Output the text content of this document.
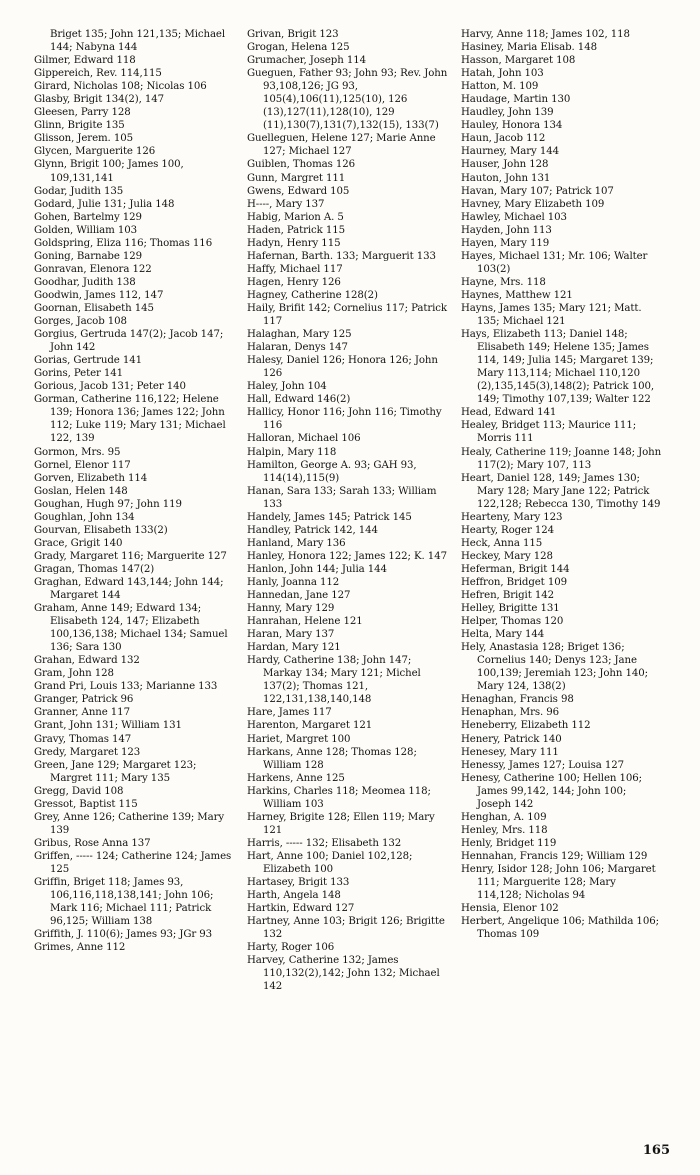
Briget 135; John 121,135; Michael 144; Nabyna 144
Gilmer, Edward 118
Gippereich, Rev. 114,115
Girard, Nicholas 108; Nicolas 106
Glasby, Brigit 134(2), 147
Gleesen, Parry 128
Glinn, Brigite 135
Glisson, Jerem. 105
Glycen, Marguerite 126
Glynn, Brigit 100; James 100, 109,131,141
Godar, Judith 135
Godard, Julie 131; Julia 148
Gohen, Bartelmy 129
Golden, William 103
Goldspring, Eliza 116; Thomas 116
Goning, Barnabe 129
Gonravan, Elenora 122
Goodhar, Judith 138
Goodwin, James 112, 147
Goornan, Elisabeth 145
Gorges, Jacob 108
Gorgius, Gertruda 147(2); Jacob 147; John 142
Gorias, Gertrude 141
Gorins, Peter 141
Gorious, Jacob 131; Peter 140
Gorman, Catherine 116,122; Helene 139; Honora 136; James 122; John 112; Luke 119; Mary 131; Michael 122, 139
Gormon, Mrs. 95
Gornel, Elenor 117
Gorven, Elizabeth 114
Goslan, Helen 148
Goughan, Hugh 97; John 119
Goughlan, John 134
Gourvan, Elisabeth 133(2)
Grace, Grigit 140
Grady, Margaret 116; Marguerite 127
Gragan, Thomas 147(2)
Graghan, Edward 143,144; John 144; Margaret 144
Graham, Anne 149; Edward 134; Elisabeth 124, 147; Elizabeth 100,136,138; Michael 134; Samuel 136; Sara 130
Grahan, Edward 132
Gram, John 128
Grand Pri, Louis 133; Marianne 133
Granger, Patrick 96
Granner, Anne 117
Grant, John 131; William 131
Gravy, Thomas 147
Gredy, Margaret 123
Green, Jane 129; Margaret 123; Margret 111; Mary 135
Gregg, David 108
Gressot, Baptist 115
Grey, Anne 126; Catherine 139; Mary 139
Gribus, Rose Anna 137
Griffen, ----- 124; Catherine 124; James 125
Griffin, Briget 118; James 93, 106,116,118,138,141; John 106; Mark 116; Michael 111; Patrick 96,125; William 138
Griffith, J. 110(6); James 93; JGr 93
Grimes, Anne 112
Grivan, Brigit 123
Grogan, Helena 125
Grumacher, Joseph 114
Gueguen, Father 93; John 93; Rev. John 93,108,126; JG 93, 105(4),106(11),125(10), 126 (13),127(11),128(10), 129 (11),130(7),131(7),132(15), 133(7)
Guelleguen, Helene 127; Marie Anne 127; Michael 127
Guiblen, Thomas 126
Gunn, Margret 111
Gwens, Edward 105
H----, Mary 137
Habig, Marion A. 5
Haden, Patrick 115
Hadyn, Henry 115
Hafernan, Barth. 133; Marguerit 133
Haffy, Michael 117
Hagen, Henry 126
Hagney, Catherine 128(2)
Haily, Brifit 142; Cornelius 117; Patrick 117
Halaghan, Mary 125
Halaran, Denys 147
Halesy, Daniel 126; Honora 126; John 126
Haley, John 104
Hall, Edward 146(2)
Hallicy, Honor 116; John 116; Timothy 116
Halloran, Michael 106
Halpin, Mary 118
Hamilton, George A. 93; GAH 93, 114(14),115(9)
Hanan, Sara 133; Sarah 133; William 133
Handely, James 145; Patrick 145
Handley, Patrick 142, 144
Hanland, Mary 136
Hanley, Honora 122; James 122; K. 147
Hanlon, John 144; Julia 144
Hanly, Joanna 112
Hannedan, Jane 127
Hanny, Mary 129
Hanrahan, Helene 121
Haran, Mary 137
Hardan, Mary 121
Hardy, Catherine 138; John 147; Markay 134; Mary 121; Michel 137(2); Thomas 121, 122,131,138,140,148
Hare, James 117
Harenton, Margaret 121
Hariet, Margret 100
Harkans, Anne 128; Thomas 128; William 128
Harkens, Anne 125
Harkins, Charles 118; Meomea 118; William 103
Harney, Brigite 128; Ellen 119; Mary 121
Harris, ----- 132; Elisabeth 132
Hart, Anne 100; Daniel 102,128; Elizabeth 100
Hartasey, Brigit 133
Harth, Angela 148
Hartkin, Edward 127
Hartney, Anne 103; Brigit 126; Brigitte 132
Harty, Roger 106
Harvey, Catherine 132; James 110,132(2),142; John 132; Michael 142
Harvy, Anne 118; James 102, 118
Hasiney, Maria Elisab. 148
Hasson, Margaret 108
Hatah, John 103
Hatton, M. 109
Haudage, Martin 130
Haudley, John 139
Hauley, Honora 134
Haun, Jacob 112
Haurney, Mary 144
Hauser, John 128
Hauton, John 131
Havan, Mary 107; Patrick 107
Havney, Mary Elizabeth 109
Hawley, Michael 103
Hayden, John 113
Hayen, Mary 119
Hayes, Michael 131; Mr. 106; Walter 103(2)
Hayne, Mrs. 118
Haynes, Matthew 121
Hayns, James 135; Mary 121; Matt. 135; Michael 121
Hays, Elizabeth 113; Daniel 148; Elisabeth 149; Helene 135; James 114, 149; Julia 145; Margaret 139; Mary 113,114; Michael 110,120 (2),135,145(3),148(2); Patrick 100, 149; Timothy 107,139; Walter 122
Head, Edward 141
Healey, Bridget 113; Maurice 111; Morris 111
Healy, Catherine 119; Joanne 148; John 117(2); Mary 107, 113
Heart, Daniel 128, 149; James 130; Mary 128; Mary Jane 122; Patrick 122,128; Rebecca 130, Timothy 149
Hearteny, Mary 123
Hearty, Roger 124
Heck, Anna 115
Heckey, Mary 128
Heferman, Brigit 144
Heffron, Bridget 109
Hefren, Brigit 142
Helley, Brigitte 131
Helper, Thomas 120
Helta, Mary 144
Hely, Anastasia 128; Briget 136; Cornelius 140; Denys 123; Jane 100,139; Jeremiah 123; John 140; Mary 124, 138(2)
Henaghan, Francis 98
Henaphan, Mrs. 96
Heneberry, Elizabeth 112
Henery, Patrick 140
Henesey, Mary 111
Henessy, James 127; Louisa 127
Henesy, Catherine 100; Hellen 106; James 99,142, 144; John 100; Joseph 142
Henghan, A. 109
Henley, Mrs. 118
Henly, Bridget 119
Hennahan, Francis 129; William 129
Henry, Isidor 128; John 106; Margaret 111; Marguerite 128; Mary 114,128; Nicholas 94
Hensia, Elenor 102
Herbert, Angelique 106; Mathilda 106; Thomas 109
165
